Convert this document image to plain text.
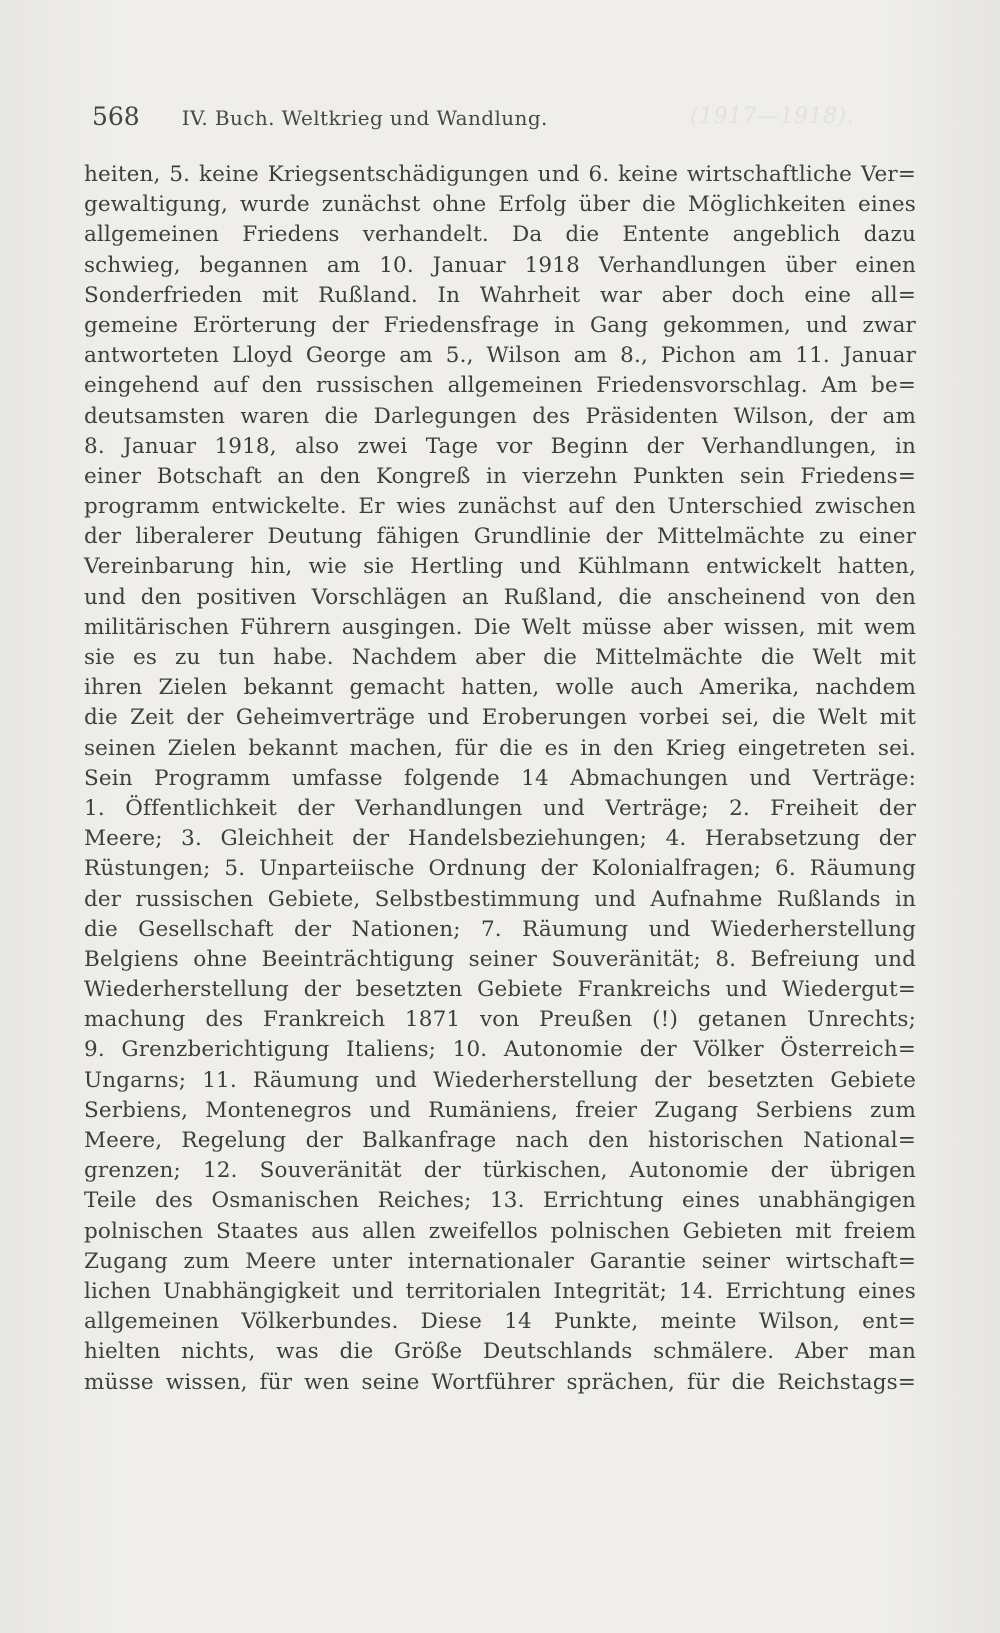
(1917—1918).
568 IV. Buch. Weltkrieg und Wandlung.
heiten, 5. keine Kriegsentschädigungen und 6. keine wirtschaftliche Ver=
gewaltigung, wurde zunächst ohne Erfolg über die Möglichkeiten eines
allgemeinen Friedens verhandelt. Da die Entente angeblich dazu
schwieg, begannen am 10. Januar 1918 Verhandlungen über einen
Sonderfrieden mit Rußland. In Wahrheit war aber doch eine all=
gemeine Erörterung der Friedensfrage in Gang gekommen, und zwar
antworteten Lloyd George am 5., Wilson am 8., Pichon am 11. Januar
eingehend auf den russischen allgemeinen Friedensvorschlag. Am be=
deutsamsten waren die Darlegungen des Präsidenten Wilson, der am
8. Januar 1918, also zwei Tage vor Beginn der Verhandlungen, in
einer Botschaft an den Kongreß in vierzehn Punkten sein Friedens=
programm entwickelte. Er wies zunächst auf den Unterschied zwischen
der liberalerer Deutung fähigen Grundlinie der Mittelmächte zu einer
Vereinbarung hin, wie sie Hertling und Kühlmann entwickelt hatten,
und den positiven Vorschlägen an Rußland, die anscheinend von den
militärischen Führern ausgingen. Die Welt müsse aber wissen, mit wem
sie es zu tun habe. Nachdem aber die Mittelmächte die Welt mit
ihren Zielen bekannt gemacht hatten, wolle auch Amerika, nachdem
die Zeit der Geheimverträge und Eroberungen vorbei sei, die Welt mit
seinen Zielen bekannt machen, für die es in den Krieg eingetreten sei.
Sein Programm umfasse folgende 14 Abmachungen und Verträge:
1. Öffentlichkeit der Verhandlungen und Verträge; 2. Freiheit der
Meere; 3. Gleichheit der Handelsbeziehungen; 4. Herabsetzung der
Rüstungen; 5. Unparteiische Ordnung der Kolonialfragen; 6. Räumung
der russischen Gebiete, Selbstbestimmung und Aufnahme Rußlands in
die Gesellschaft der Nationen; 7. Räumung und Wiederherstellung
Belgiens ohne Beeinträchtigung seiner Souveränität; 8. Befreiung und
Wiederherstellung der besetzten Gebiete Frankreichs und Wiedergut=
machung des Frankreich 1871 von Preußen (!) getanen Unrechts;
9. Grenzberichtigung Italiens; 10. Autonomie der Völker Österreich=
Ungarns; 11. Räumung und Wiederherstellung der besetzten Gebiete
Serbiens, Montenegros und Rumäniens, freier Zugang Serbiens zum
Meere, Regelung der Balkanfrage nach den historischen National=
grenzen; 12. Souveränität der türkischen, Autonomie der übrigen
Teile des Osmanischen Reiches; 13. Errichtung eines unabhängigen
polnischen Staates aus allen zweifellos polnischen Gebieten mit freiem
Zugang zum Meere unter internationaler Garantie seiner wirtschaft=
lichen Unabhängigkeit und territorialen Integrität; 14. Errichtung eines
allgemeinen Völkerbundes. Diese 14 Punkte, meinte Wilson, ent=
hielten nichts, was die Größe Deutschlands schmälere. Aber man
müsse wissen, für wen seine Wortführer sprächen, für die Reichstags=
